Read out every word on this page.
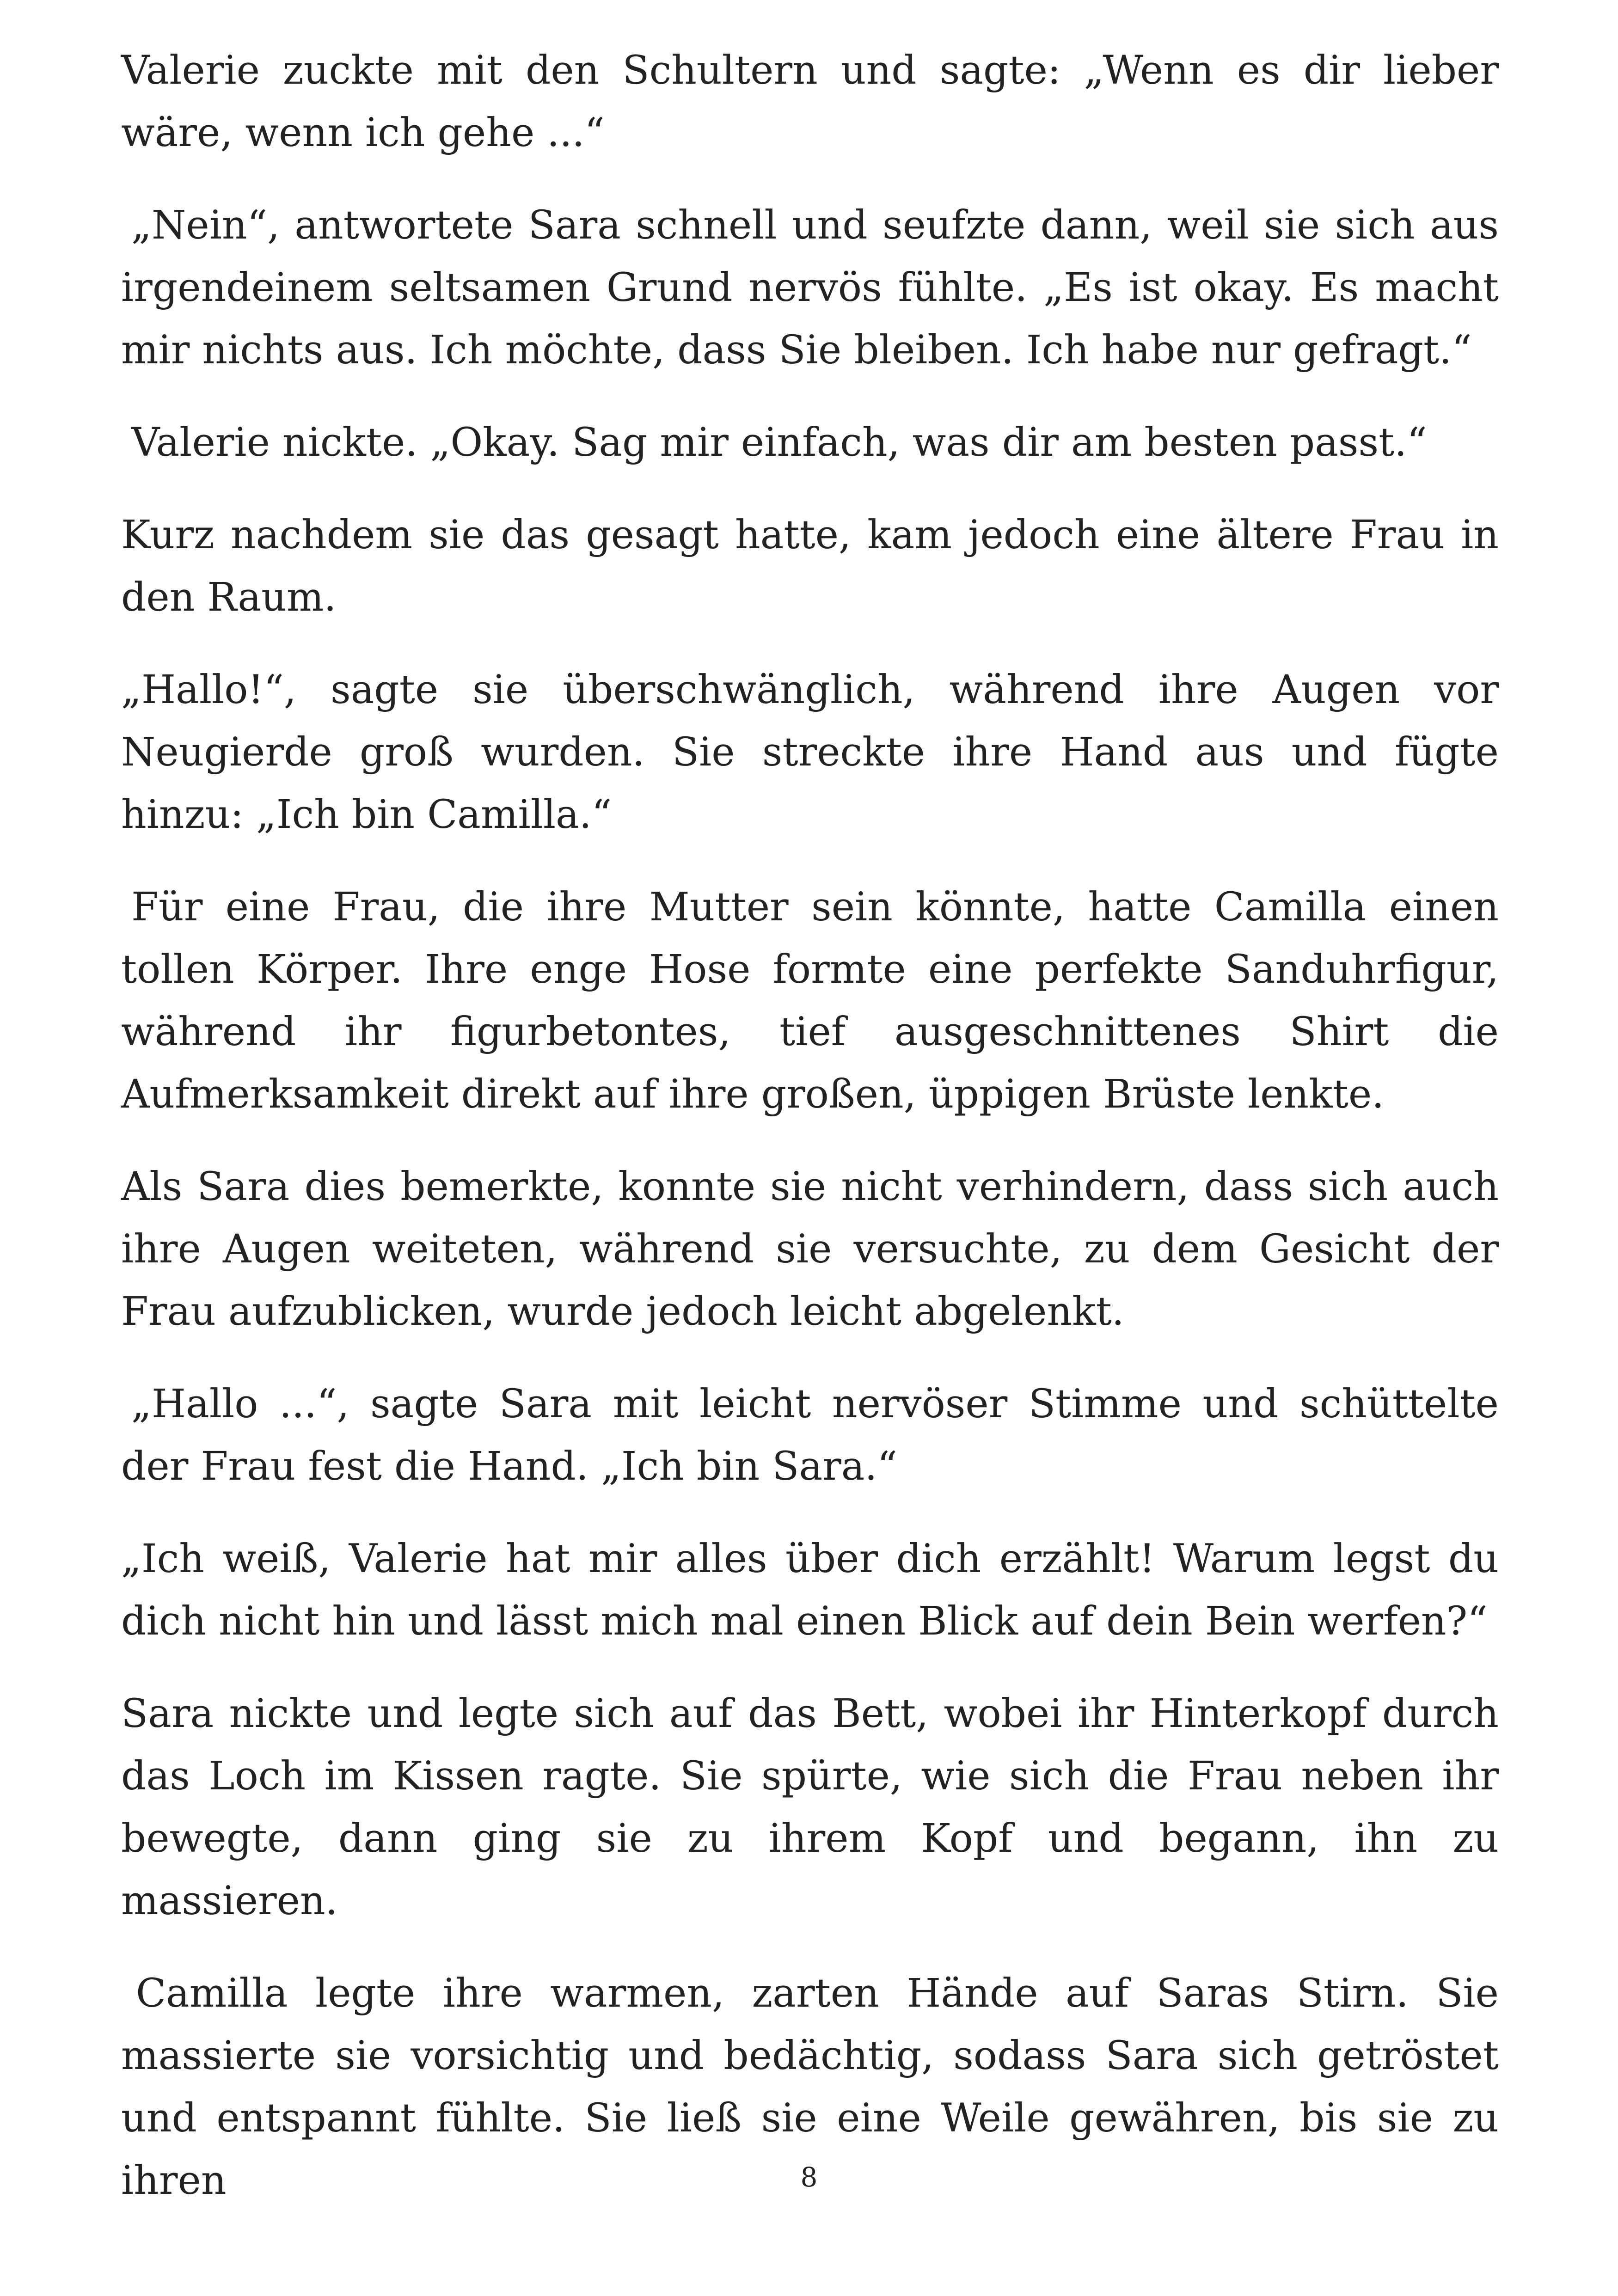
Valerie zuckte mit den Schultern und sagte: „Wenn es dir lieber wäre, wenn ich gehe ...“

„Nein“, antwortete Sara schnell und seufzte dann, weil sie sich aus irgendeinem seltsamen Grund nervös fühlte. „Es ist okay. Es macht mir nichts aus. Ich möchte, dass Sie bleiben. Ich habe nur gefragt.“

Valerie nickte. „Okay. Sag mir einfach, was dir am besten passt.“

Kurz nachdem sie das gesagt hatte, kam jedoch eine ältere Frau in den Raum.

„Hallo!“, sagte sie überschwänglich, während ihre Augen vor Neugierde groß wurden. Sie streckte ihre Hand aus und fügte hinzu: „Ich bin Camilla.“

Für eine Frau, die ihre Mutter sein könnte, hatte Camilla einen tollen Körper. Ihre enge Hose formte eine perfekte Sanduhrfigur, während ihr figurbetontes, tief ausgeschnittenes Shirt die Aufmerksamkeit direkt auf ihre großen, üppigen Brüste lenkte.

Als Sara dies bemerkte, konnte sie nicht verhindern, dass sich auch ihre Augen weiteten, während sie versuchte, zu dem Gesicht der Frau aufzublicken, wurde jedoch leicht abgelenkt.

„Hallo ...“, sagte Sara mit leicht nervöser Stimme und schüttelte der Frau fest die Hand. „Ich bin Sara.“

„Ich weiß, Valerie hat mir alles über dich erzählt! Warum legst du dich nicht hin und lässt mich mal einen Blick auf dein Bein werfen?“

Sara nickte und legte sich auf das Bett, wobei ihr Hinterkopf durch das Loch im Kissen ragte. Sie spürte, wie sich die Frau neben ihr bewegte, dann ging sie zu ihrem Kopf und begann, ihn zu massieren.

Camilla legte ihre warmen, zarten Hände auf Saras Stirn. Sie massierte sie vorsichtig und bedächtig, sodass Sara sich getröstet und entspannt fühlte. Sie ließ sie eine Weile gewähren, bis sie zu ihren	8
